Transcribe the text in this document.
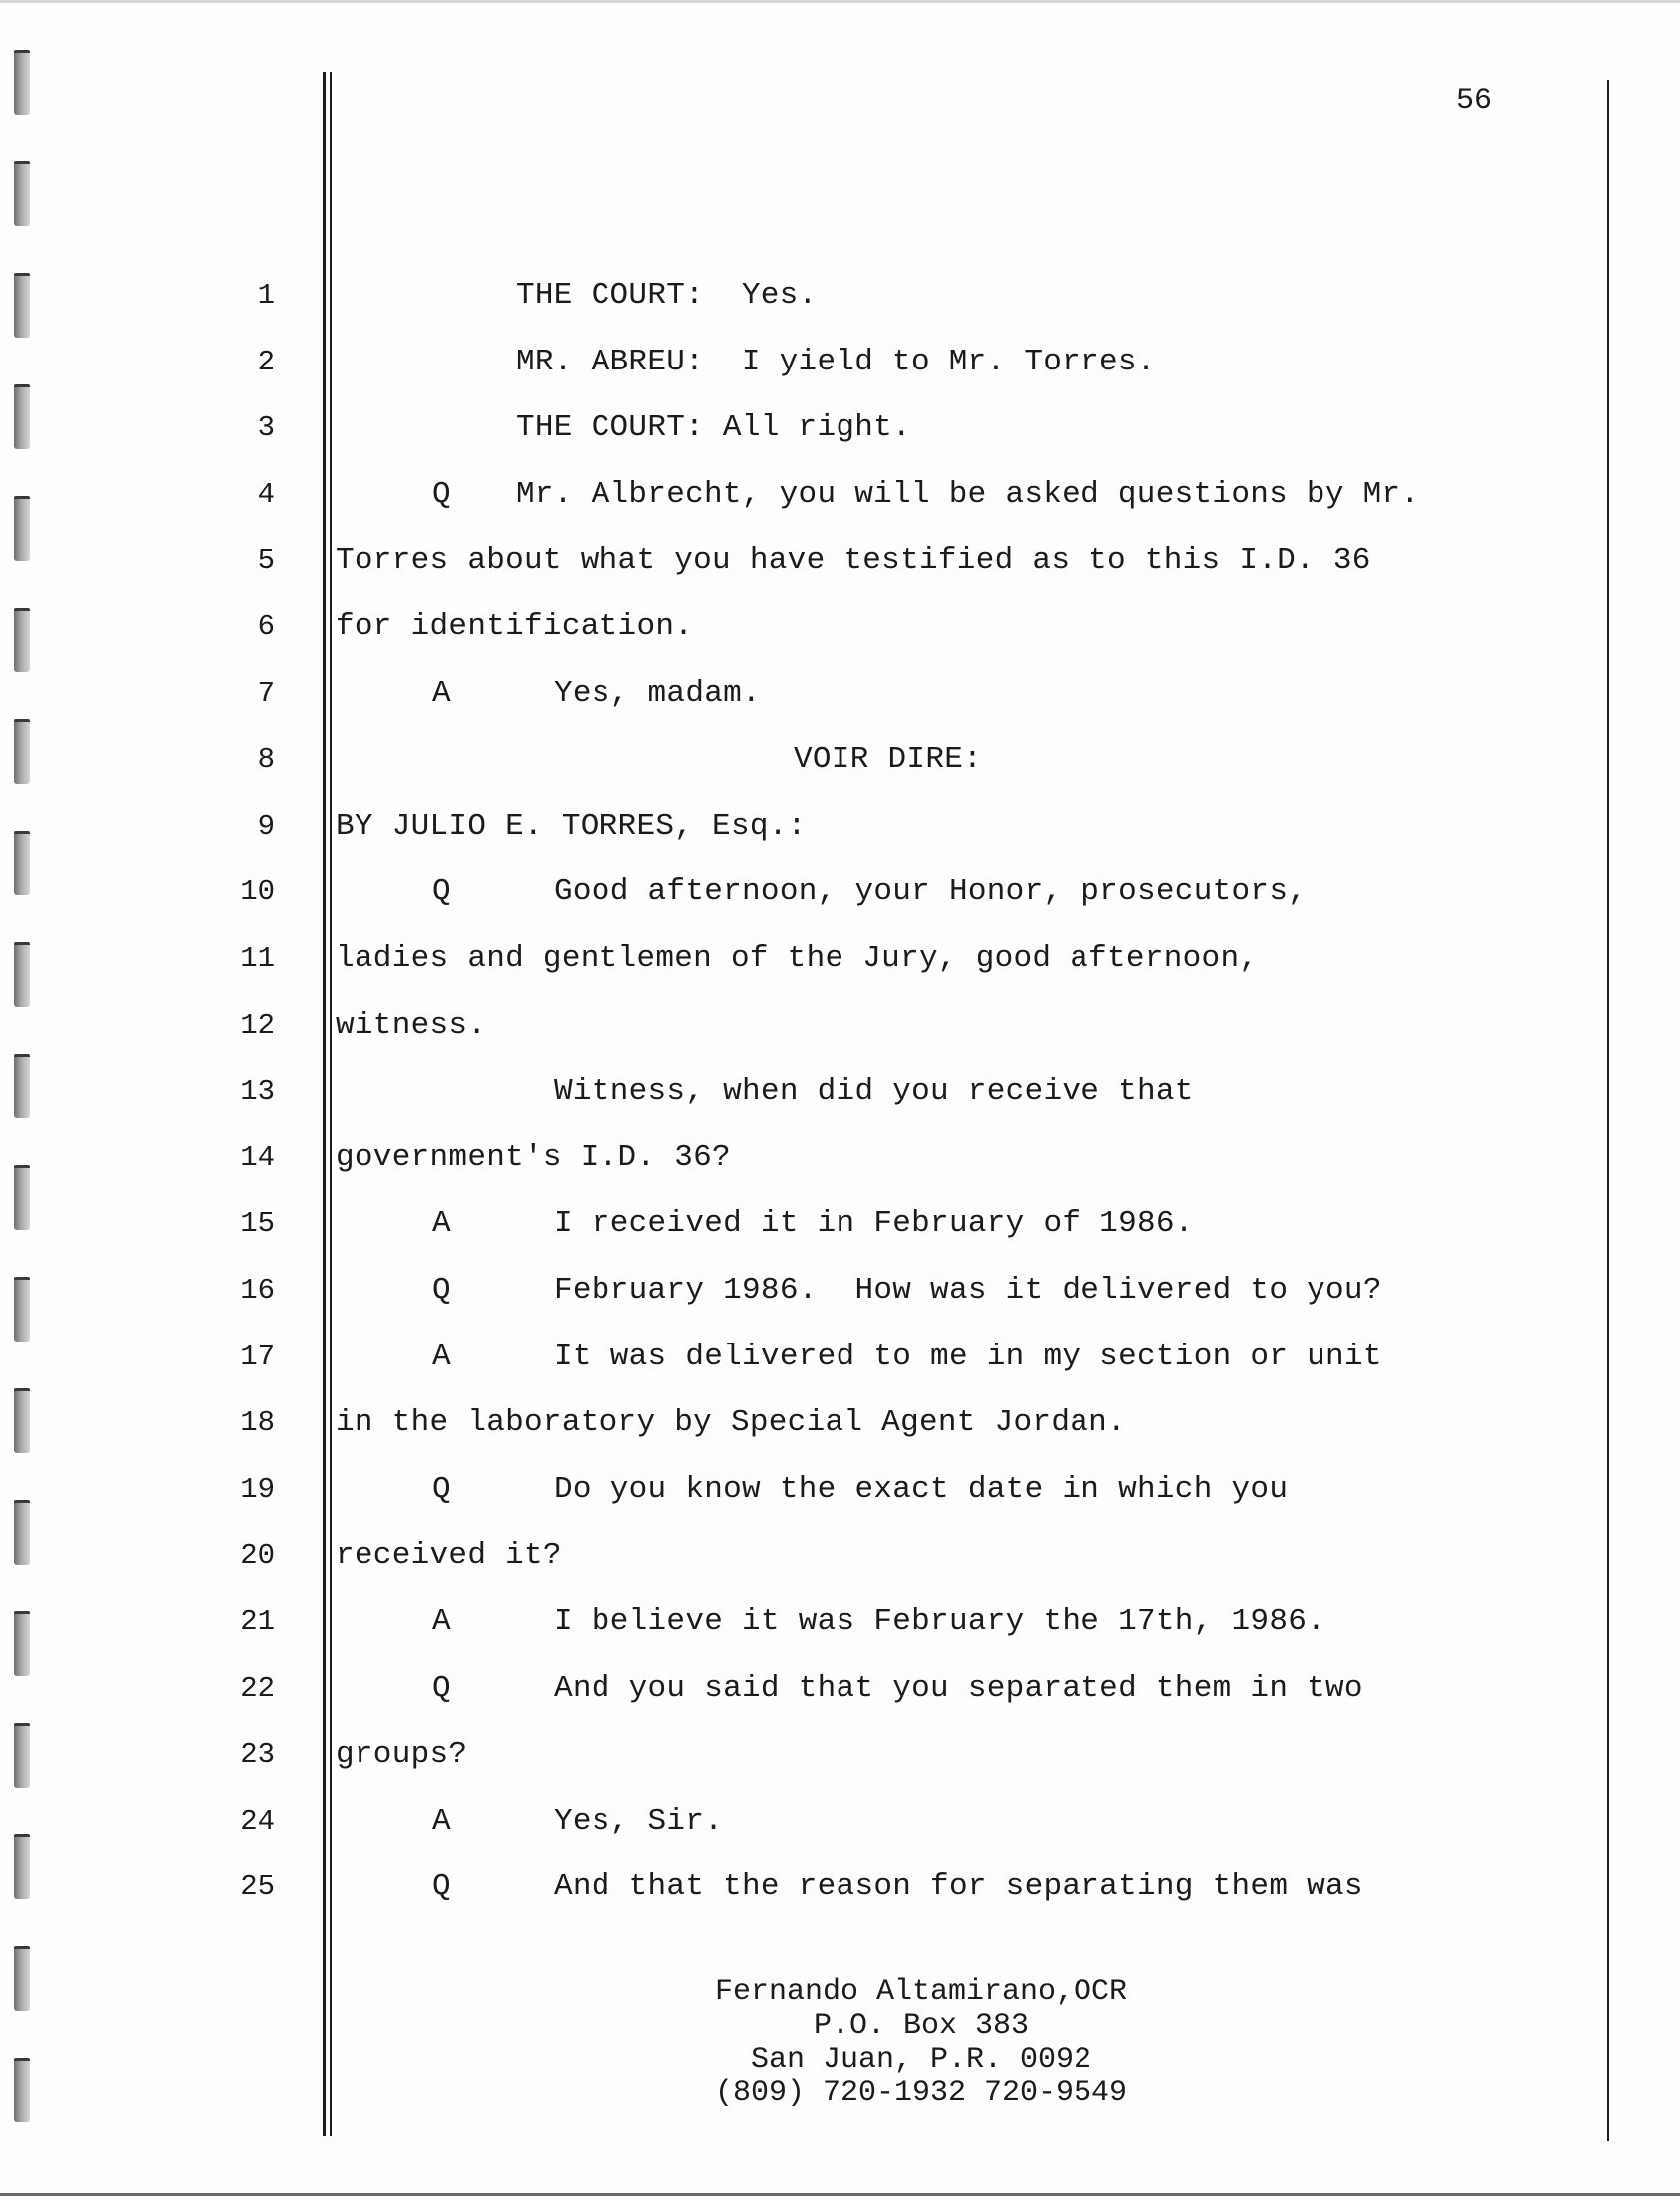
56
1	THE COURT:  Yes.
2	MR. ABREU:  I yield to Mr. Torres.
3	THE COURT: All right.
4	Q Mr. Albrecht, you will be asked questions by Mr.
5 Torres about what you have testified as to this I.D. 36
6 for identification.
7	A	Yes, madam.
8	VOIR DIRE:
9 BY JULIO E. TORRES, Esq.:
10	Q	Good afternoon, your Honor, prosecutors,
11 ladies and gentlemen of the Jury, good afternoon,
12 witness.
13	Witness, when did you receive that
14 government's I.D. 36?
15	A	I received it in February of 1986.
16	Q	February 1986.  How was it delivered to you?
17	A	It was delivered to me in my section or unit
18 in the laboratory by Special Agent Jordan.
19	Q	Do you know the exact date in which you
20 received it?
21	A	I believe it was February the 17th, 1986.
22	Q	And you said that you separated them in two
23 groups?
24	A	Yes, Sir.
25	Q	And that the reason for separating them was
Fernando Altamirano,OCR
P.O. Box 383
San Juan, P.R. 0092
(809) 720-1932 720-9549
